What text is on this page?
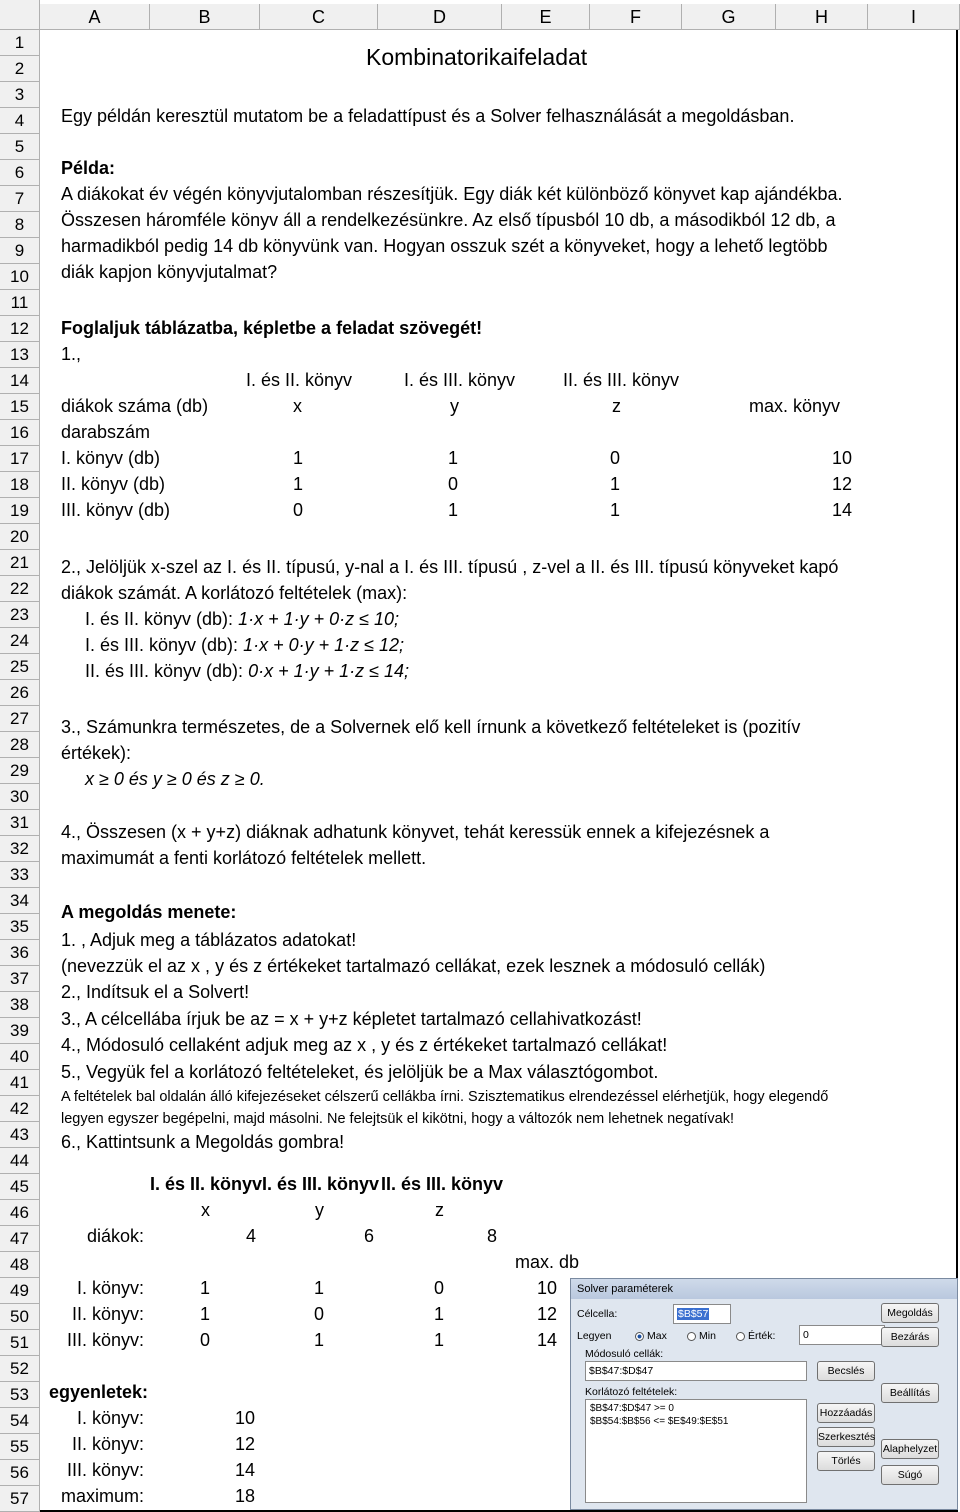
A	B	C	D	E	F	G	H	I
1
2
3
4
5
6
7
8
9
10
11
12
13
14
15
16
17
18
19
20
21
22
23
24
25
26
27
28
29
30
31
32
33
34
35
36
37
38
39
40
41
42
43
44
45
46
47
48
49
50
51
52
53
54
55
56
57
Kombinatorikaifeladat
Egy példán keresztül mutatom be a feladattípust és a Solver felhasználását a megoldásban.
Példa:
A diákokat év végén könyvjutalomban részesítjük. Egy diák két különböző könyvet kap ajándékba.
Összesen háromféle könyv áll a rendelkezésünkre. Az első típusból 10 db, a másodikból 12 db, a
harmadikból pedig 14 db könyvünk van. Hogyan osszuk szét a könyveket, hogy a lehető legtöbb
diák kapjon könyvjutalmat?
Foglaljuk táblázatba, képletbe a feladat szövegét!
1.,
I. és II. könyv	I. és III. könyv	II. és III. könyv
diákok száma (db)	x	y	z	max. könyv
darabszám
I. könyv (db)	1	1	0	10
II. könyv (db)	1	0	1	12
III. könyv (db)	0	1	1	14
2., Jelöljük x-szel az I. és II. típusú, y-nal a I. és III. típusú , z-vel a II. és III. típusú könyveket kapó
diákok számát. A korlátozó feltételek (max):
I. és II. könyv (db): 1·x + 1·y + 0·z ≤ 10;
I. és III. könyv (db): 1·x + 0·y + 1·z ≤ 12;
II. és III. könyv (db): 0·x + 1·y + 1·z ≤ 14;
3., Számunkra természetes, de a Solvernek elő kell írnunk a következő feltételeket is (pozitív
értékek):
x ≥ 0 és y ≥ 0 és z ≥ 0.
4., Összesen (x + y+z) diáknak adhatunk könyvet, tehát keressük ennek a kifejezésnek a
maximumát a fenti korlátozó feltételek mellett.
A megoldás menete:
1. , Adjuk meg a táblázatos adatokat!
(nevezzük el az x , y és z értékeket tartalmazó cellákat, ezek lesznek a módosuló cellák)
2., Indítsuk el a Solvert!
3., A célcellába írjuk be az = x + y+z képletet tartalmazó cellahivatkozást!
4., Módosuló cellaként adjuk meg az x , y és z értékeket tartalmazó cellákat!
5., Vegyük fel a korlátozó feltételeket, és jelöljük be a Max választógombot.
A feltételek bal oldalán álló kifejezéseket célszerű cellákba írni. Szisztematikus elrendezéssel elérhetjük, hogy elegendő
legyen egyszer begépelni, majd másolni. Ne felejtsük el kikötni, hogy a változók nem lehetnek negatívak!
6., Kattintsunk a Megoldás gombra!
I. és II. könyv I. és III. könyv II. és III. könyv
x	y	z
diákok:	4	6	8
max. db
I. könyv:	1	1	0	10
II. könyv:	1	0	1	12
III. könyv:	0	1	1	14
egyenletek:
I. könyv:	10
II. könyv:	12
III. könyv:	14
maximum:	18
Solver paraméterek
Célcella:	$B$57
Legyen	Max	Min	Érték:	0
Módosuló cellák:
$B$47:$D$47
Korlátozó feltételek:
$B$47:$D$47 >= 0
$B$54:$B$56 <= $E$49:$E$51
Megoldás
Bezárás
Becslés
Beállítás
Hozzáadás
Szerkesztés
Alaphelyzet
Törlés
Súgó
